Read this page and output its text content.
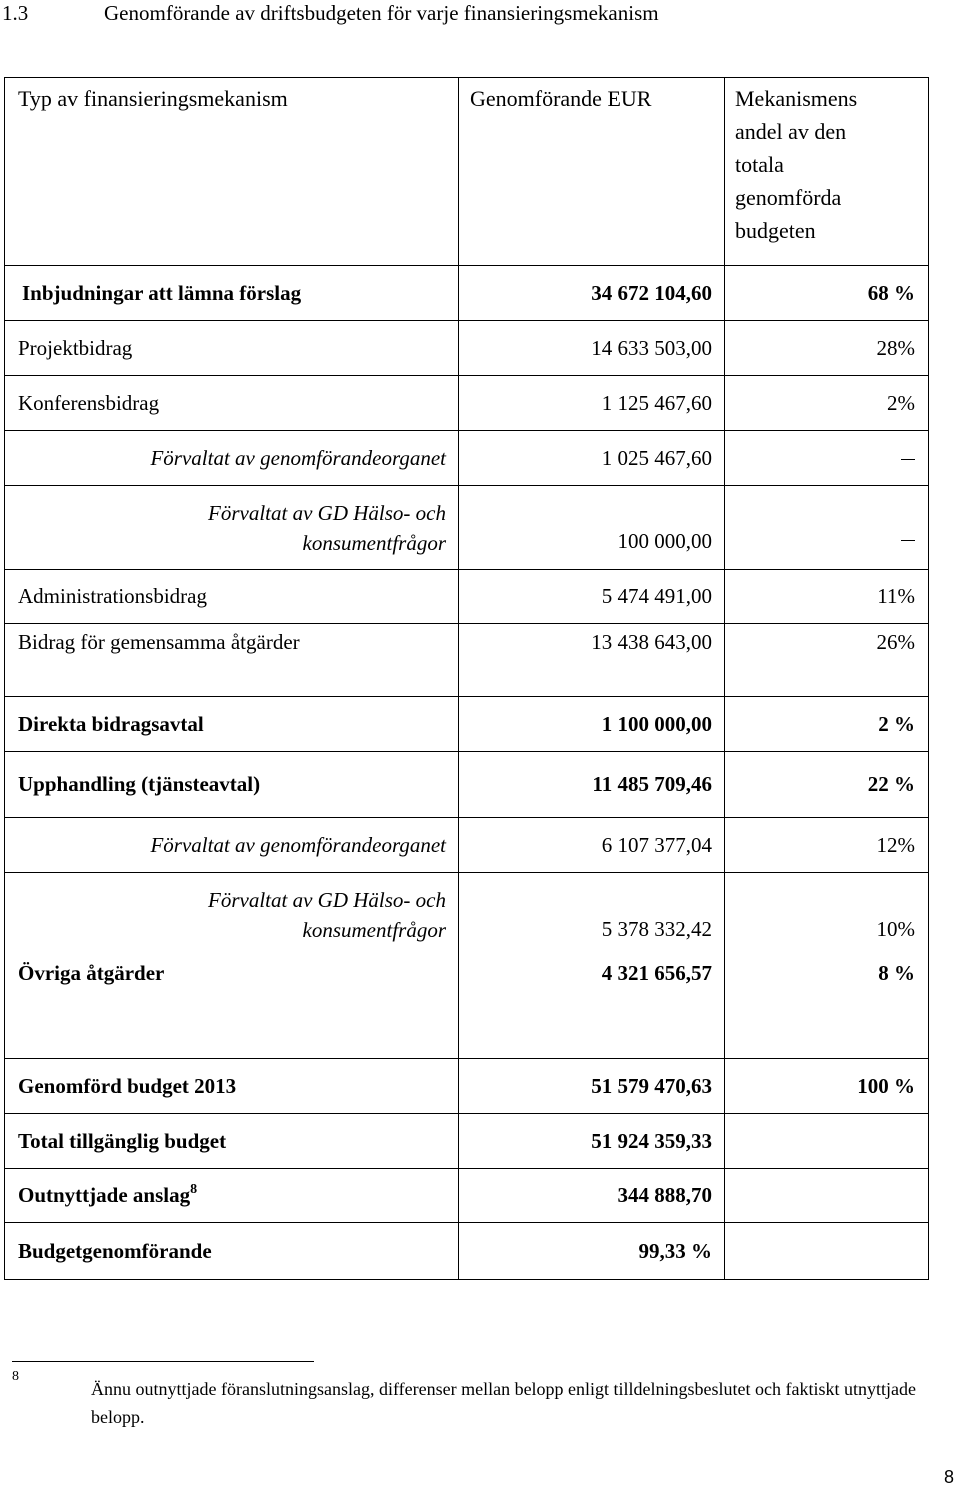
1.3	Genomförande av driftsbudgeten för varje finansieringsmekanism
Typ av finansieringsmekanism	Genomförande EUR	Mekanismens
andel av den
totala
genomförda
budgeten

Inbjudningar att lämna förslag	34 672 104,60	68 %
Projektbidrag	14 633 503,00	28%
Konferensbidrag	1 125 467,60	2%
Förvaltat av genomförandeorganet	1 025 467,60	

Förvaltat av GD Hälso- och
konsumentfrågor	100 000,00	
Administrationsbidrag	5 474 491,00	11%
Bidrag för gemensamma åtgärder	13 438 643,00	26%
Direkta bidragsavtal	1 100 000,00	2 %
Upphandling (tjänsteavtal)	11 485 709,46	22 %
Förvaltat av genomförandeorganet	6 107 377,04	12%

Förvaltat av GD Hälso- och
konsumentfrågor	5 378 332,42	10%
Övriga åtgärder	4 321 656,57	8 %
Genomförd budget 2013	51 579 470,63	100 %
Total tillgänglig budget	51 924 359,33	
Outnyttjade anslag$^8$	344 888,70	
Budgetgenomförande	99,33 %	
8
Ännu outnyttjade föranslutningsanslag, differenser mellan belopp enligt tilldelningsbeslutet och faktiskt utnyttjade belopp.
8
